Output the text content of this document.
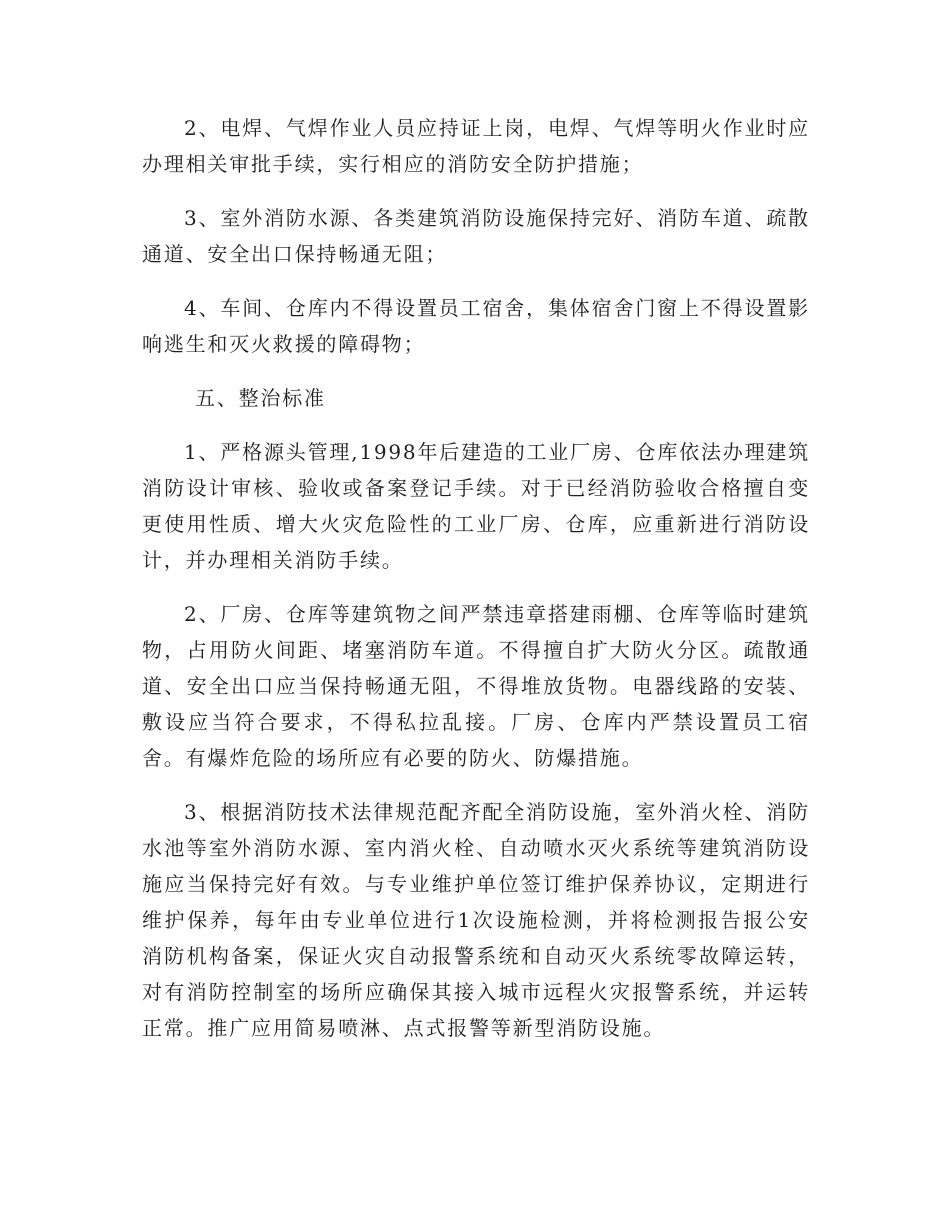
2、电焊、气焊作业人员应持证上岗，电焊、气焊等明火作业时应办理相关审批手续，实行相应的消防安全防护措施；

3、室外消防水源、各类建筑消防设施保持完好、消防车道、疏散通道、安全出口保持畅通无阻；

4、车间、仓库内不得设置员工宿舍，集体宿舍门窗上不得设置影响逃生和灭火救援的障碍物；

五、整治标准

1、严格源头管理,1998年后建造的工业厂房、仓库依法办理建筑消防设计审核、验收或备案登记手续。对于已经消防验收合格擅自变更使用性质、增大火灾危险性的工业厂房、仓库，应重新进行消防设计，并办理相关消防手续。

2、厂房、仓库等建筑物之间严禁违章搭建雨棚、仓库等临时建筑物，占用防火间距、堵塞消防车道。不得擅自扩大防火分区。疏散通道、安全出口应当保持畅通无阻，不得堆放货物。电器线路的安装、敷设应当符合要求，不得私拉乱接。厂房、仓库内严禁设置员工宿舍。有爆炸危险的场所应有必要的防火、防爆措施。

3、根据消防技术法律规范配齐配全消防设施，室外消火栓、消防水池等室外消防水源、室内消火栓、自动喷水灭火系统等建筑消防设施应当保持完好有效。与专业维护单位签订维护保养协议，定期进行维护保养，每年由专业单位进行1次设施检测，并将检测报告报公安消防机构备案，保证火灾自动报警系统和自动灭火系统零故障运转，对有消防控制室的场所应确保其接入城市远程火灾报警系统，并运转正常。推广应用简易喷淋、点式报警等新型消防设施。
